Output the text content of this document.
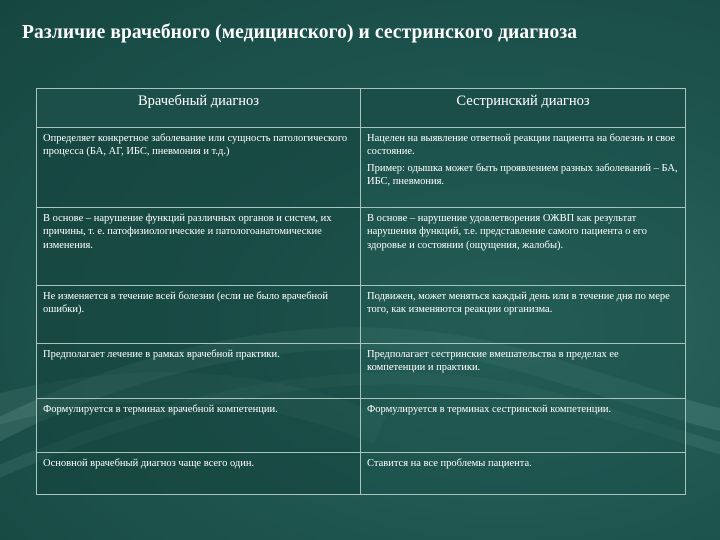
Различие врачебного (медицинского) и сестринского диагноза
Врачебный диагноз	Сестринский диагноз
Определяет конкретное заболевание или сущность патологического процесса (БА, АГ, ИБС, пневмония и т.д.)	Нацелен на выявление ответной реакции пациента на болезнь и свое состояние.
Пример: одышка может быть проявлением разных заболеваний – БА, ИБС, пневмония.

В основе – нарушение функций различных органов и систем, их причины, т. е. патофизиологические и патологоанатомические изменения.	В основе – нарушение удовлетворения ОЖВП как результат нарушения функций, т.е. представление самого пациента о его здоровье и состоянии (ощущения, жалобы).
Не изменяется в течение всей болезни (если не было врачебной ошибки).	Подвижен, может меняться каждый день или в течение дня по мере того, как изменяются реакции организма.
Предполагает лечение в рамках врачебной практики.	Предполагает сестринские вмешательства в пределах ее компетенции и практики.
Формулируется в терминах врачебной компетенции.	Формулируется в терминах сестринской компетенции.
Основной врачебный диагноз чаще всего один.	Ставится на все проблемы пациента.
